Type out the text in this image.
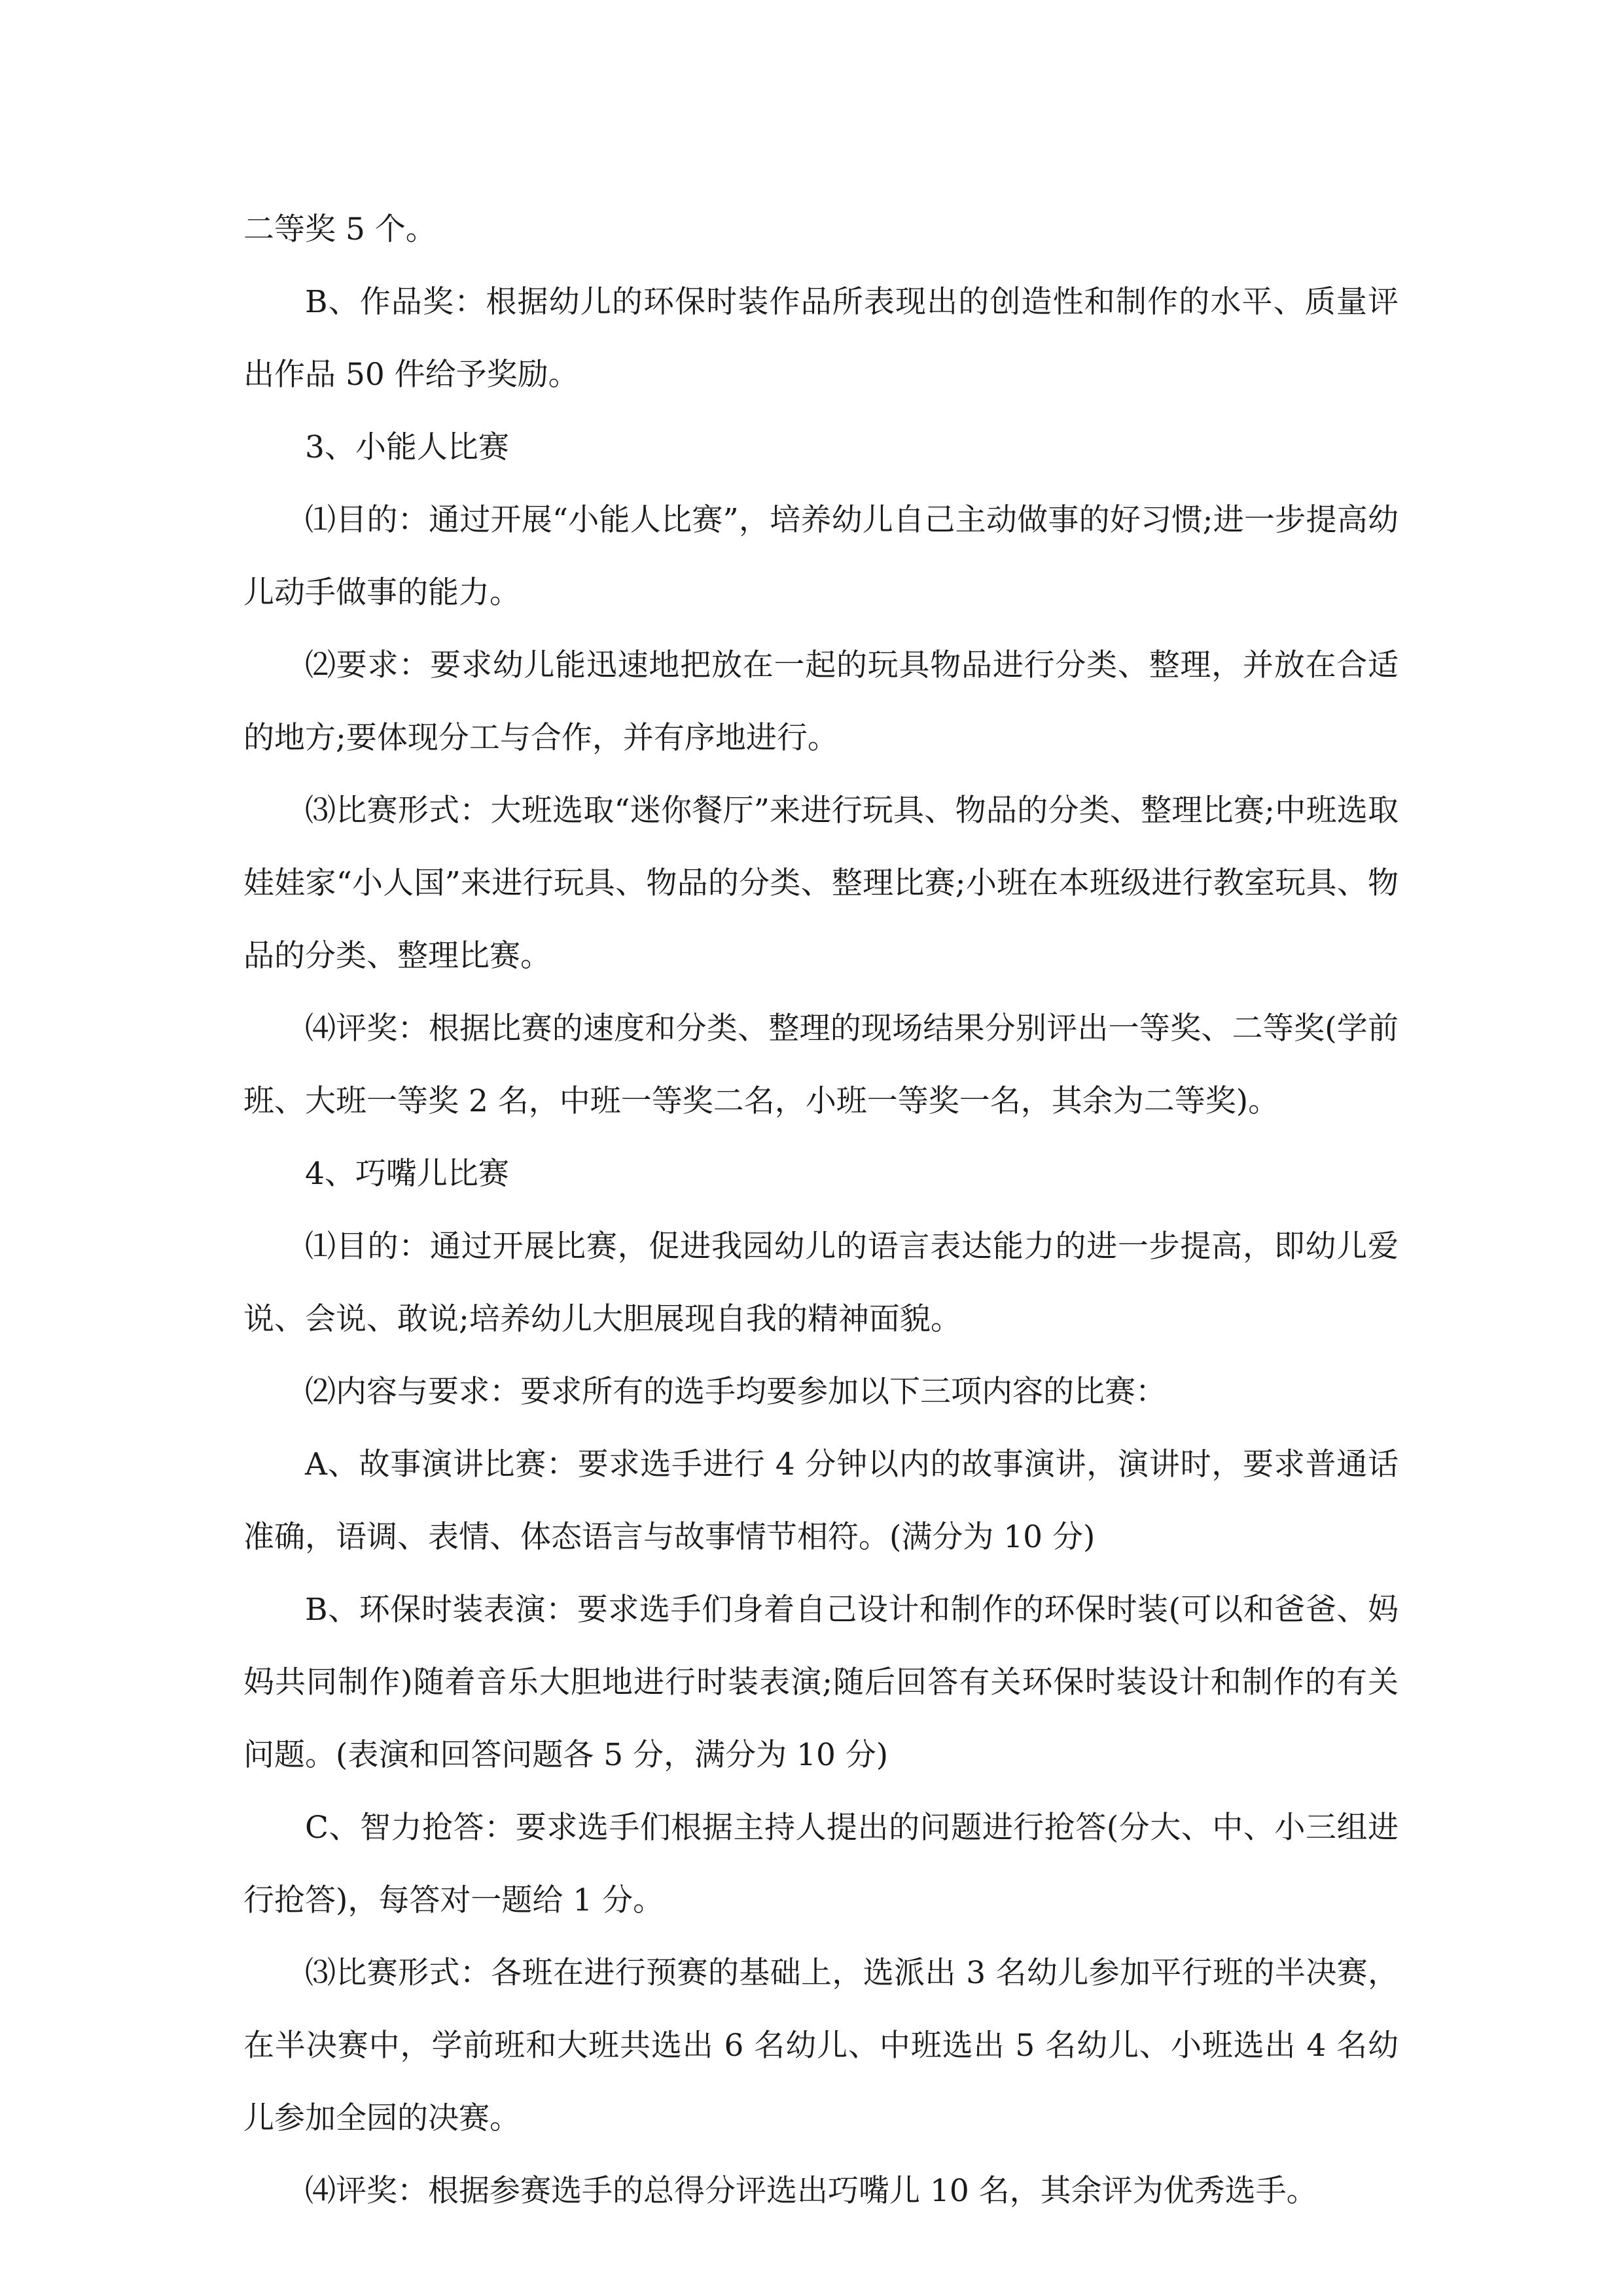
二等奖 5 个。

B、作品奖：根据幼儿的环保时装作品所表现出的创造性和制作的水平、质量评出作品 50 件给予奖励。

3、小能人比赛

⑴目的：通过开展“小能人比赛”，培养幼儿自己主动做事的好习惯;进一步提高幼儿动手做事的能力。

⑵要求：要求幼儿能迅速地把放在一起的玩具物品进行分类、整理，并放在合适的地方;要体现分工与合作，并有序地进行。

⑶比赛形式：大班选取“迷你餐厅”来进行玩具、物品的分类、整理比赛;中班选取娃娃家“小人国”来进行玩具、物品的分类、整理比赛;小班在本班级进行教室玩具、物品的分类、整理比赛。

⑷评奖：根据比赛的速度和分类、整理的现场结果分别评出一等奖、二等奖(学前班、大班一等奖 2 名，中班一等奖二名，小班一等奖一名，其余为二等奖)。

4、巧嘴儿比赛

⑴目的：通过开展比赛，促进我园幼儿的语言表达能力的进一步提高，即幼儿爱说、会说、敢说;培养幼儿大胆展现自我的精神面貌。

⑵内容与要求：要求所有的选手均要参加以下三项内容的比赛：

A、故事演讲比赛：要求选手进行 4 分钟以内的故事演讲，演讲时，要求普通话准确，语调、表情、体态语言与故事情节相符。(满分为 10 分)

B、环保时装表演：要求选手们身着自己设计和制作的环保时装(可以和爸爸、妈妈共同制作)随着音乐大胆地进行时装表演;随后回答有关环保时装设计和制作的有关问题。(表演和回答问题各 5 分，满分为 10 分)

C、智力抢答：要求选手们根据主持人提出的问题进行抢答(分大、中、小三组进行抢答)，每答对一题给 1 分。

⑶比赛形式：各班在进行预赛的基础上，选派出 3 名幼儿参加平行班的半决赛，在半决赛中，学前班和大班共选出 6 名幼儿、中班选出 5 名幼儿、小班选出 4 名幼儿参加全园的决赛。

⑷评奖：根据参赛选手的总得分评选出巧嘴儿 10 名，其余评为优秀选手。
